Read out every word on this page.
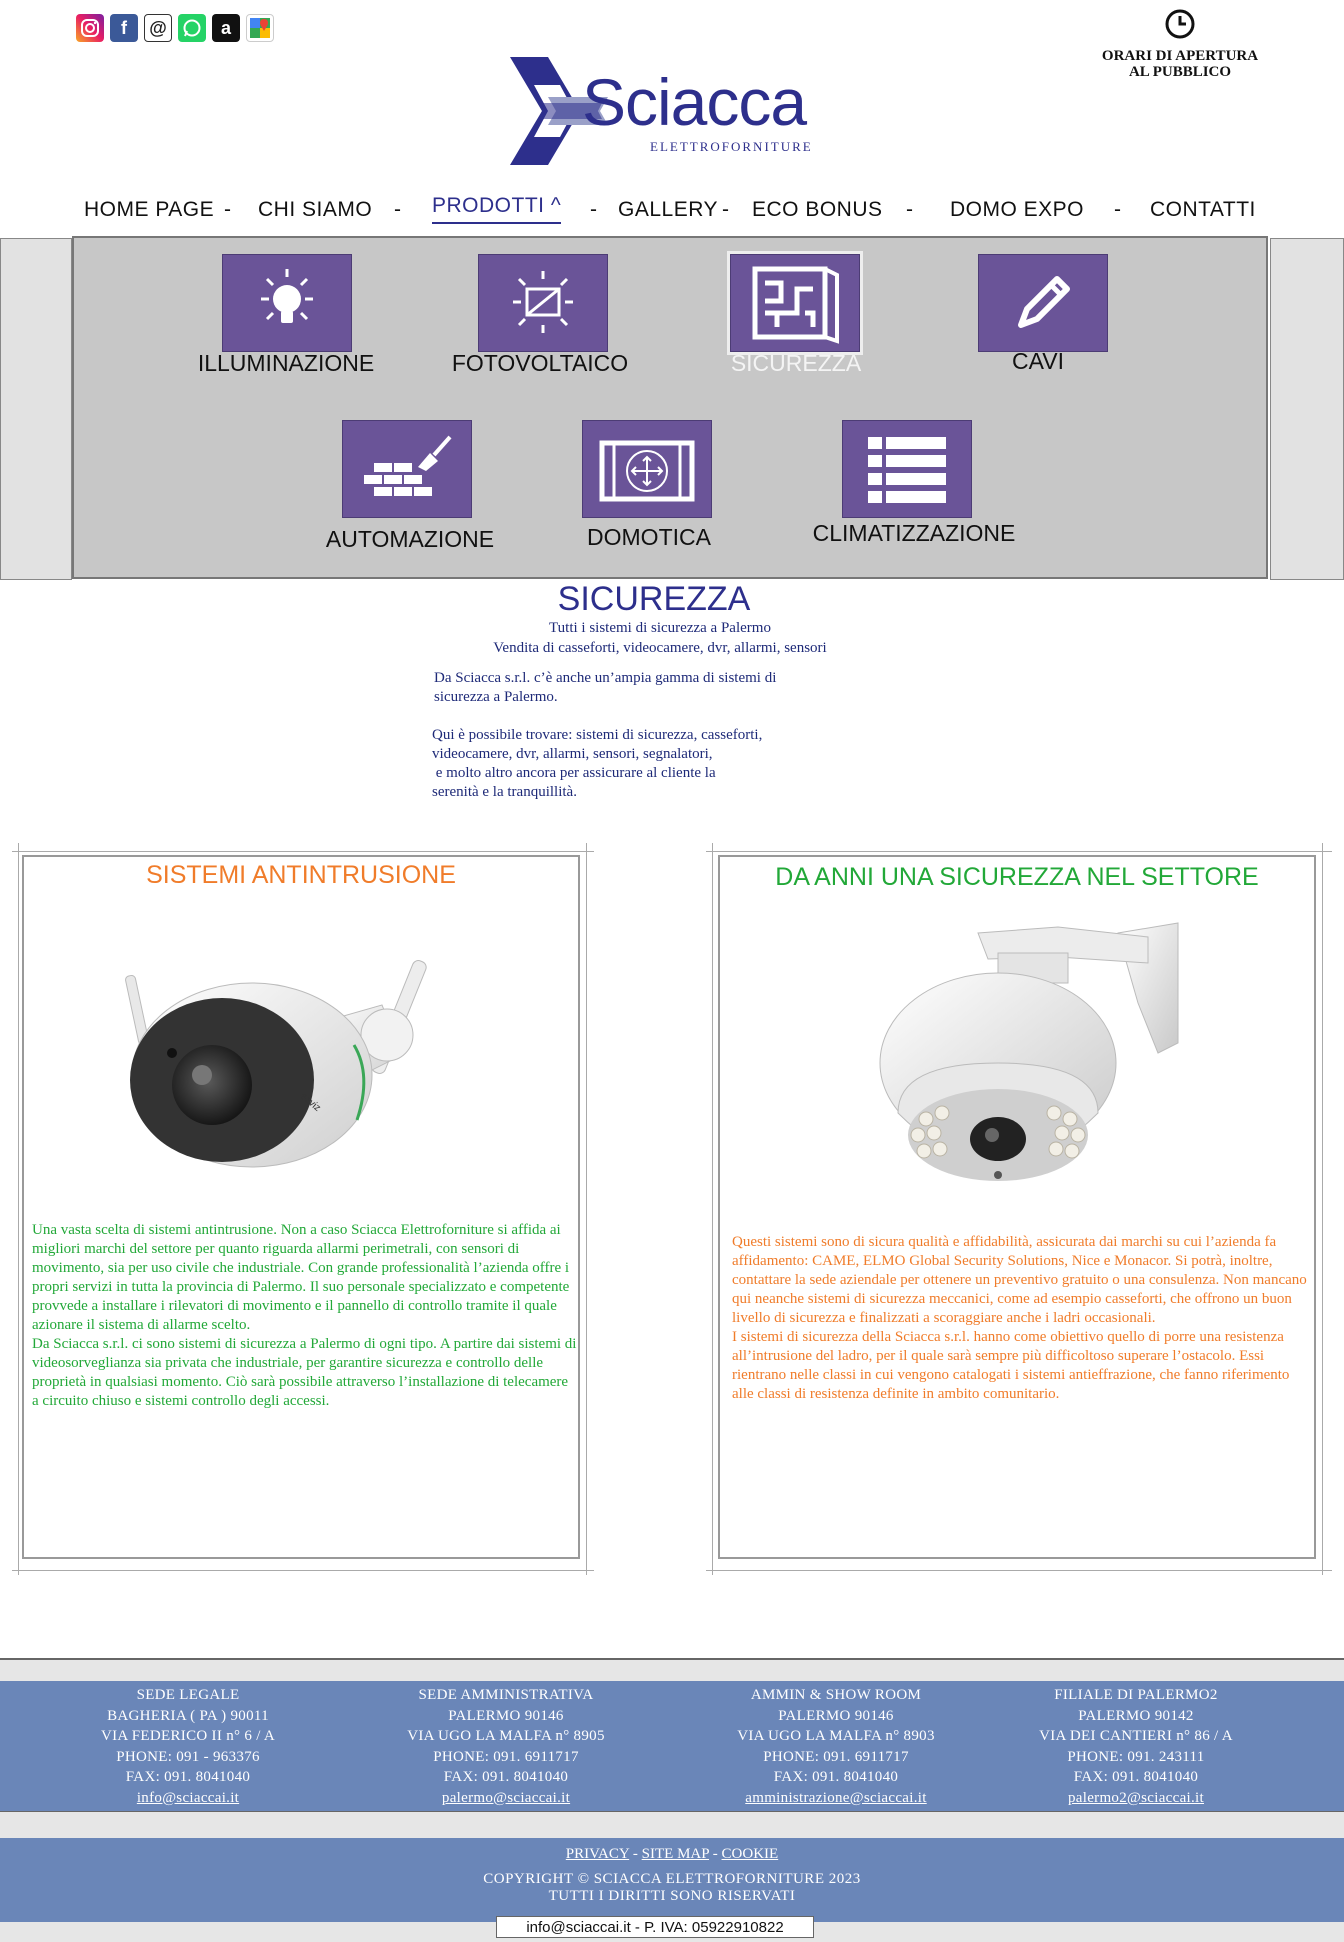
f	@	a
ORARI DI APERTURA
AL PUBBLICO
Sciacca
ELETTROFORNITURE
HOME PAGE - CHI SIAMO - PRODOTTI ^ - GALLERY - ECO BONUS - DOMO EXPO - CONTATTI
ILLUMINAZIONE	FOTOVOLTAICO	SICUREZZA	CAVI
AUTOMAZIONE	DOMOTICA	CLIMATIZZAZIONE
SICUREZZA
Tutti i sistemi di sicurezza a Palermo
Vendita di casseforti, videocamere, dvr, allarmi, sensori
Da Sciacca s.r.l. c’è anche un’ampia gamma di sistemi di
sicurezza a Palermo.
Qui è possibile trovare: sistemi di sicurezza, casseforti,
videocamere, dvr, allarmi, sensori, segnalatori,
e molto altro ancora per assicurare al cliente la
serenità e la tranquillità.
SISTEMI ANTINTRUSIONE
ezviz
Una vasta scelta di sistemi antintrusione. Non a caso Sciacca Elettroforniture si affida ai migliori marchi del settore per quanto riguarda allarmi perimetrali, con sensori di movimento, sia per uso civile che industriale. Con grande professionalità l’azienda offre i propri servizi in tutta la provincia di Palermo. Il suo personale specializzato e competente provvede a installare i rilevatori di movimento e il pannello di controllo tramite il quale azionare il sistema di allarme scelto.
Da Sciacca s.r.l. ci sono sistemi di sicurezza a Palermo di ogni tipo. A partire dai sistemi di videosorveglianza sia privata che industriale, per garantire sicurezza e controllo delle proprietà in qualsiasi momento. Ciò sarà possibile attraverso l’installazione di telecamere a circuito chiuso e sistemi controllo degli accessi.
DA ANNI UNA SICUREZZA NEL SETTORE
Questi sistemi sono di sicura qualità e affidabilità, assicurata dai marchi su cui l’azienda fa affidamento: CAME, ELMO Global Security Solutions, Nice e Monacor. Si potrà, inoltre, contattare la sede aziendale per ottenere un preventivo gratuito o una consulenza. Non mancano qui neanche sistemi di sicurezza meccanici, come ad esempio casseforti, che offrono un buon livello di sicurezza e finalizzati a scoraggiare anche i ladri occasionali.
I sistemi di sicurezza della Sciacca s.r.l. hanno come obiettivo quello di porre una resistenza all’intrusione del ladro, per il quale sarà sempre più difficoltoso superare l’ostacolo. Essi rientrano nelle classi in cui vengono catalogati i sistemi antieffrazione, che fanno riferimento alle classi di resistenza definite in ambito comunitario.
SEDE LEGALE
BAGHERIA ( PA ) 90011
VIA FEDERICO II n° 6 / A
PHONE: 091 - 963376
FAX: 091. 8041040
info@sciaccai.it
SEDE AMMINISTRATIVA
PALERMO 90146
VIA UGO LA MALFA n° 8905
PHONE: 091. 6911717
FAX: 091. 8041040
palermo@sciaccai.it
AMMIN & SHOW ROOM
PALERMO 90146
VIA UGO LA MALFA n° 8903
PHONE: 091. 6911717
FAX: 091. 8041040
amministrazione@sciaccai.it
FILIALE DI PALERMO2
PALERMO 90142
VIA DEI CANTIERI n° 86 / A
PHONE: 091. 243111
FAX: 091. 8041040
palermo2@sciaccai.it
PRIVACY - SITE MAP - COOKIE
COPYRIGHT © SCIACCA ELETTROFORNITURE 2023
TUTTI I DIRITTI SONO RISERVATI
info@sciaccai.it - P. IVA: 05922910822
